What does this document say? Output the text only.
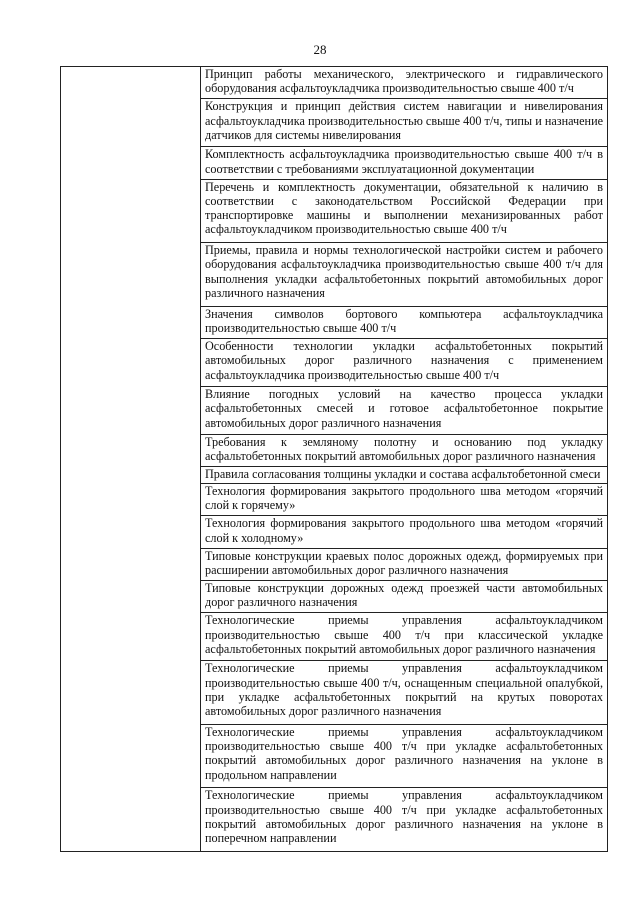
28

Принцип работы механического, электрического и гидравлического оборудования асфальтоукладчика производительностью свыше 400 т/ч

Конструкция и принцип действия систем навигации и нивелирования асфальтоукладчика производительностью свыше 400 т/ч, типы и назначение датчиков для системы нивелирования

Комплектность асфальтоукладчика производительностью свыше 400 т/ч в соответствии с требованиями эксплуатационной документации

Перечень и комплектность документации, обязательной к наличию в соответствии с законодательством Российской Федерации при транспортировке машины и выполнении механизированных работ асфальтоукладчиком производительностью свыше 400 т/ч

Приемы, правила и нормы технологической настройки систем и рабочего оборудования асфальтоукладчика производительностью свыше 400 т/ч для выполнения укладки асфальтобетонных покрытий автомобильных дорог различного назначения

Значения символов бортового компьютера асфальтоукладчика производительностью свыше 400 т/ч

Особенности технологии укладки асфальтобетонных покрытий автомобильных дорог различного назначения с применением асфальтоукладчика производительностью свыше 400 т/ч

Влияние погодных условий на качество процесса укладки асфальтобетонных смесей и готовое асфальтобетонное покрытие автомобильных дорог различного назначения

Требования к земляному полотну и основанию под укладку асфальтобетонных покрытий автомобильных дорог различного назначения

Правила согласования толщины укладки и состава асфальтобетонной смеси

Технология формирования закрытого продольного шва методом «горячий слой к горячему»

Технология формирования закрытого продольного шва методом «горячий слой к холодному»

Типовые конструкции краевых полос дорожных одежд, формируемых при расширении автомобильных дорог различного назначения

Типовые конструкции дорожных одежд проезжей части автомобильных дорог различного назначения

Технологические приемы управления асфальтоукладчиком производительностью свыше 400 т/ч при классической укладке асфальтобетонных покрытий автомобильных дорог различного назначения

Технологические приемы управления асфальтоукладчиком производительностью свыше 400 т/ч, оснащенным специальной опалубкой, при укладке асфальтобетонных покрытий на крутых поворотах автомобильных дорог различного назначения

Технологические приемы управления асфальтоукладчиком производительностью свыше 400 т/ч при укладке асфальтобетонных покрытий автомобильных дорог различного назначения на уклоне в продольном направлении

Технологические приемы управления асфальтоукладчиком производительностью свыше 400 т/ч при укладке асфальтобетонных покрытий автомобильных дорог различного назначения на уклоне в поперечном направлении
